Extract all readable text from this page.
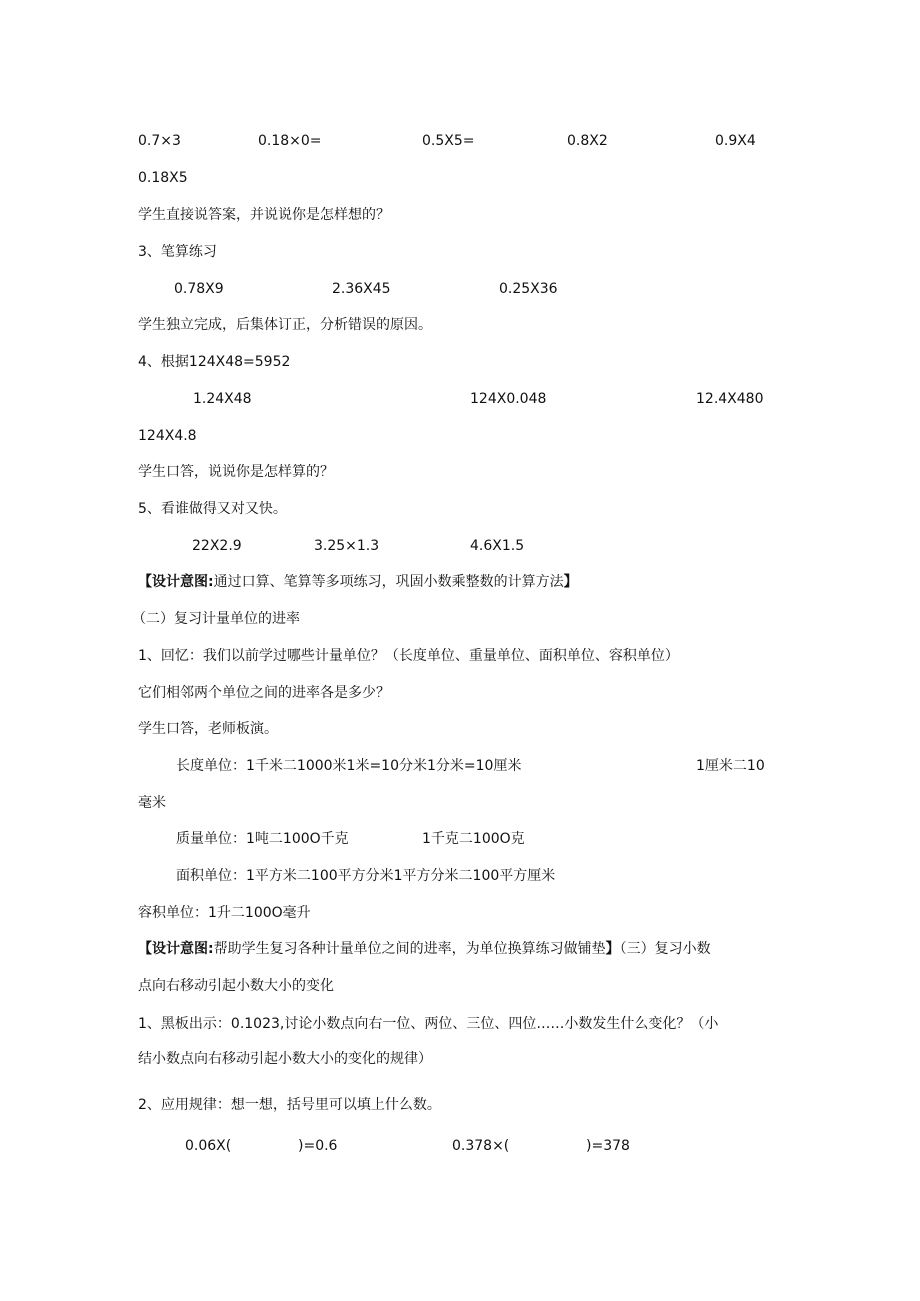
0.7×3	0.18×0=	0.5X5=	0.8X2	0.9X4
0.18X5
学生直接说答案，并说说你是怎样想的？
3、笔算练习
0.78X9	2.36X45	0.25X36
学生独立完成，后集体订正，分析错误的原因。
4、根据124X48=5952
1.24X48	124X0.048	12.4X480
124X4.8
学生口答，说说你是怎样算的？
5、看谁做得又对又快。
22X2.9	3.25×1.3	4.6X1.5
【设计意图:通过口算、笔算等多项练习，巩固小数乘整数的计算方法】
（二）复习计量单位的进率
1、回忆：我们以前学过哪些计量单位？（长度单位、重量单位、面积单位、容积单位）
它们相邻两个单位之间的进率各是多少？
学生口答，老师板演。
长度单位：1千米二1000米1米=10分米1分米=10厘米	1厘米二10
毫米
质量单位：1吨二100O千克	1千克二100O克
面积单位：1平方米二100平方分米1平方分米二100平方厘米
容积单位：1升二100O毫升
【设计意图:帮助学生复习各种计量单位之间的进率，为单位换算练习做铺垫】（三）复习小数
点向右移动引起小数大小的变化
1、黑板出示：0.1023,讨论小数点向右一位、两位、三位、四位……小数发生什么变化？（小
结小数点向右移动引起小数大小的变化的规律）
2、应用规律：想一想，括号里可以填上什么数。
0.06X(	)=0.6	0.378×(	)=378
